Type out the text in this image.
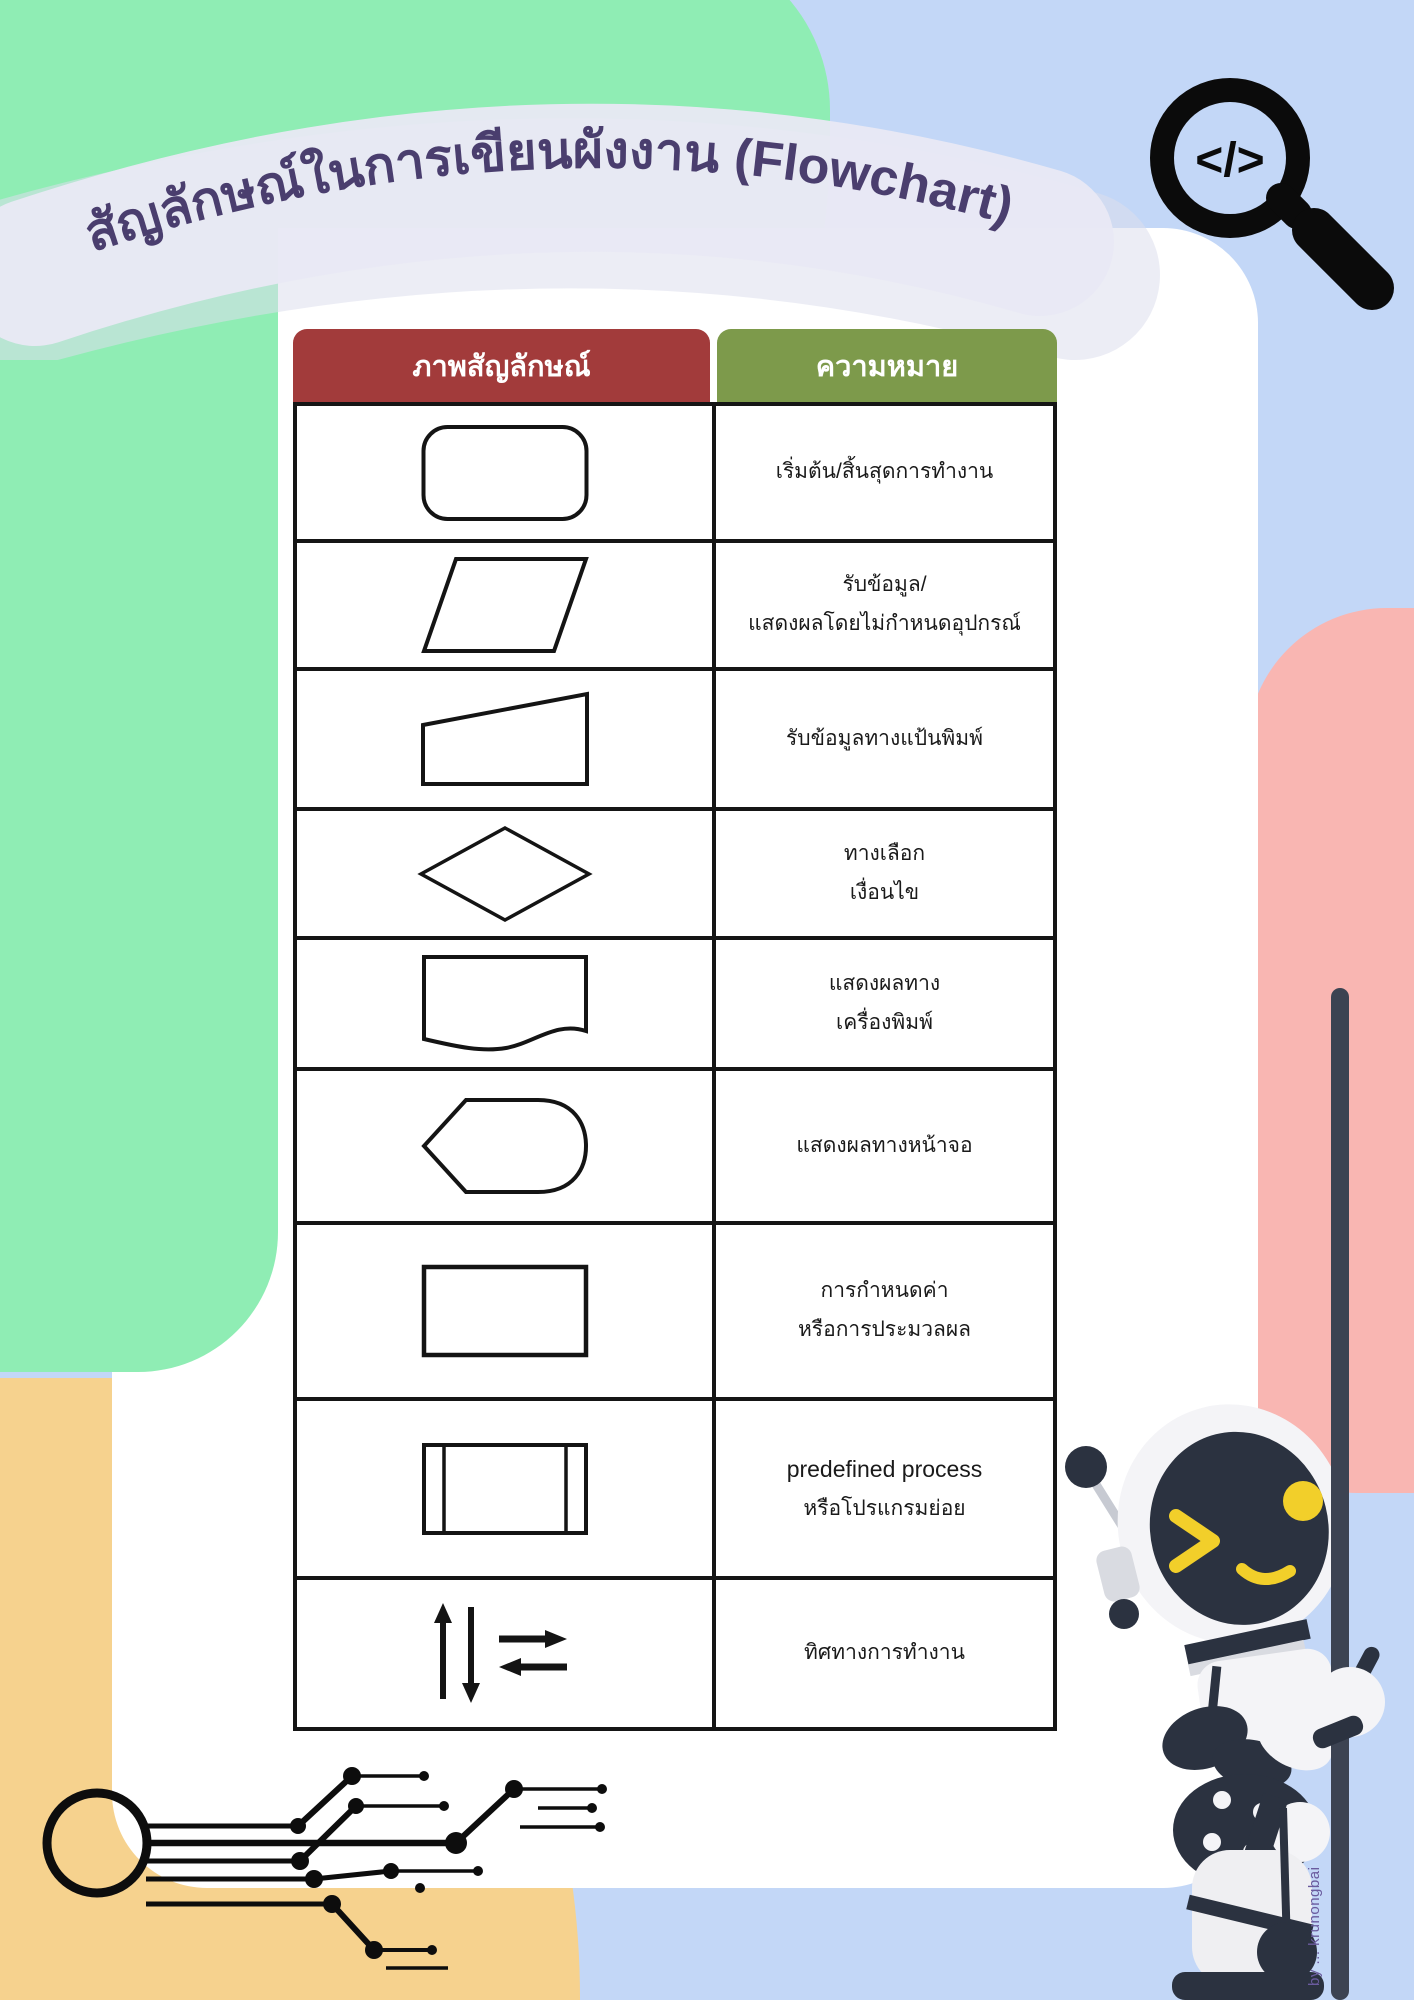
สัญลักษณ์ในการเขียนผังงาน (Flowchart)
</>
ภาพสัญลักษณ์	ความหมาย
เริ่มต้น/สิ้นสุดการทำงาน
รับข้อมูล/
แสดงผลโดยไม่กำหนดอุปกรณ์
รับข้อมูลทางแป้นพิมพ์
ทางเลือก
เงื่อนไข
แสดงผลทาง
เครื่องพิมพ์
แสดงผลทางหน้าจอ
การกำหนดค่า
หรือการประมวลผล
predefined process
หรือโปรแกรมย่อย
ทิศทางการทำงาน
by ... krunongbai
